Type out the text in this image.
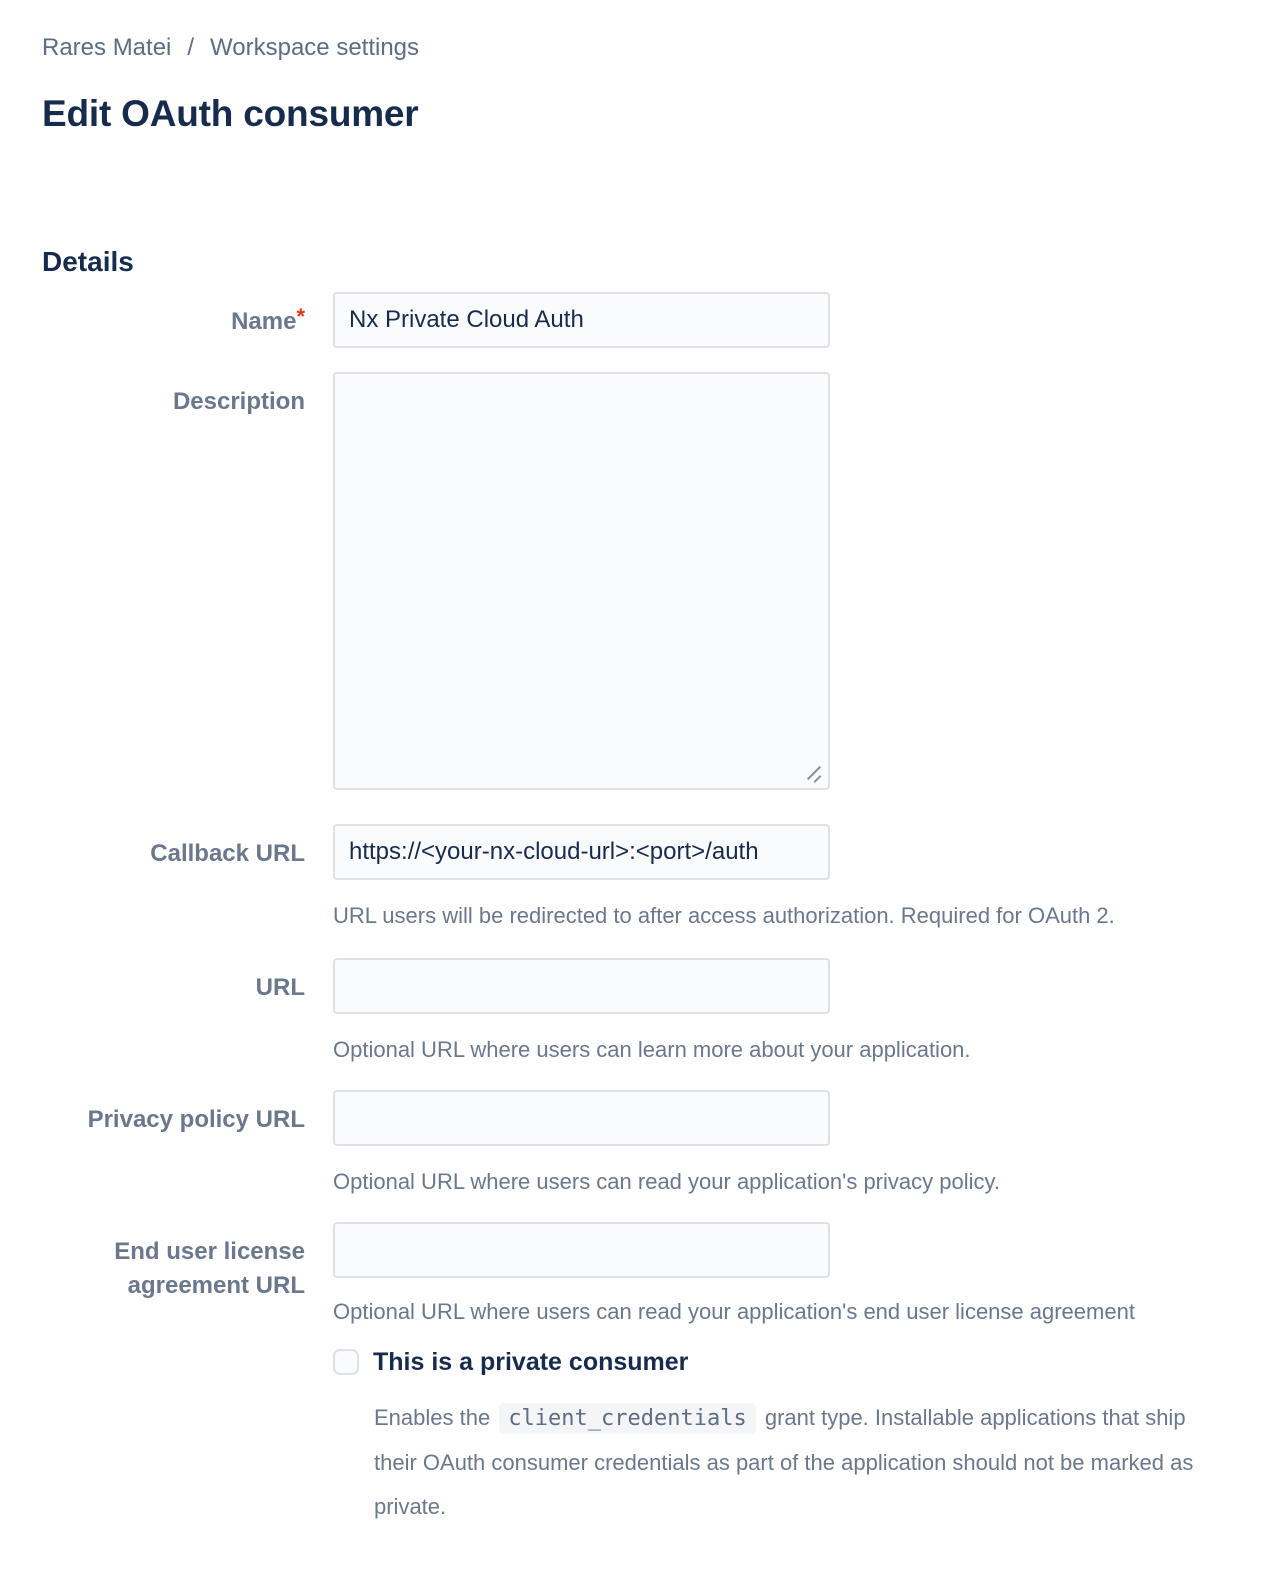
Rares Matei / Workspace settings
Edit OAuth consumer
Details
Name*
Nx Private Cloud Auth
Description
Callback URL
https://<your-nx-cloud-url>:<port>/auth
URL users will be redirected to after access authorization. Required for OAuth 2.
URL
Optional URL where users can learn more about your application.
Privacy policy URL
Optional URL where users can read your application's privacy policy.
End user license agreement URL
Optional URL where users can read your application's end user license agreement
This is a private consumer
Enables the client_credentials grant type. Installable applications that ship their OAuth consumer credentials as part of the application should not be marked as private.
